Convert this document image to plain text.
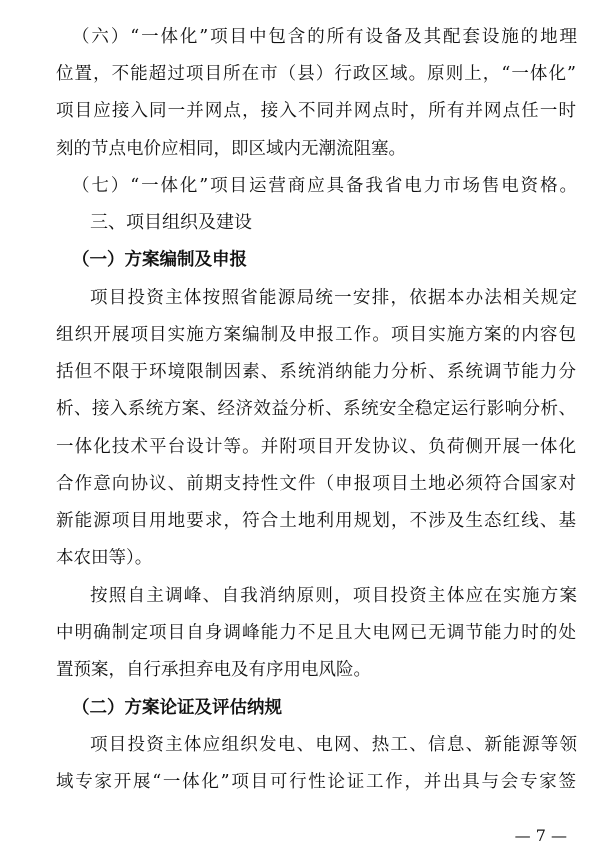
（六）“一体化”项目中包含的所有设备及其配套设施的地理
位置，不能超过项目所在市（县）行政区域。原则上，“一体化”
项目应接入同一并网点，接入不同并网点时，所有并网点任一时
刻的节点电价应相同，即区域内无潮流阻塞。
（七）“一体化”项目运营商应具备我省电力市场售电资格。
三、项目组织及建设
（一）方案编制及申报
项目投资主体按照省能源局统一安排，依据本办法相关规定
组织开展项目实施方案编制及申报工作。项目实施方案的内容包
括但不限于环境限制因素、系统消纳能力分析、系统调节能力分
析、接入系统方案、经济效益分析、系统安全稳定运行影响分析、
一体化技术平台设计等。并附项目开发协议、负荷侧开展一体化
合作意向协议、前期支持性文件（申报项目土地必须符合国家对
新能源项目用地要求，符合土地利用规划，不涉及生态红线、基
本农田等）。
按照自主调峰、自我消纳原则，项目投资主体应在实施方案
中明确制定项目自身调峰能力不足且大电网已无调节能力时的处
置预案，自行承担弃电及有序用电风险。
（二）方案论证及评估纳规
项目投资主体应组织发电、电网、热工、信息、新能源等领
域专家开展“一体化”项目可行性论证工作，并出具与会专家签
— 7 —
